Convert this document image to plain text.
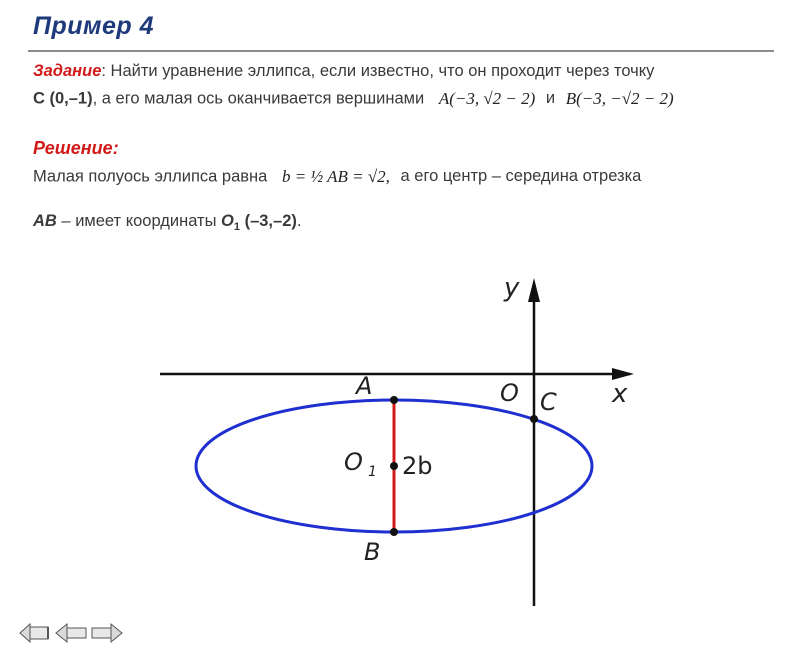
Пример 4
Задание: Найти уравнение эллипса, если известно, что он проходит через точку
C (0,–1), а его малая ось оканчивается вершинами A(−3, √2 − 2) и B(−3, −√2 − 2)
Решение:
Малая полуось эллипса равна b = ½ AB = √2, а его центр – середина отрезка
AB – имеет координаты $O_1$ (–3,–2).
y
x
O C
A
B
O 1 2b
